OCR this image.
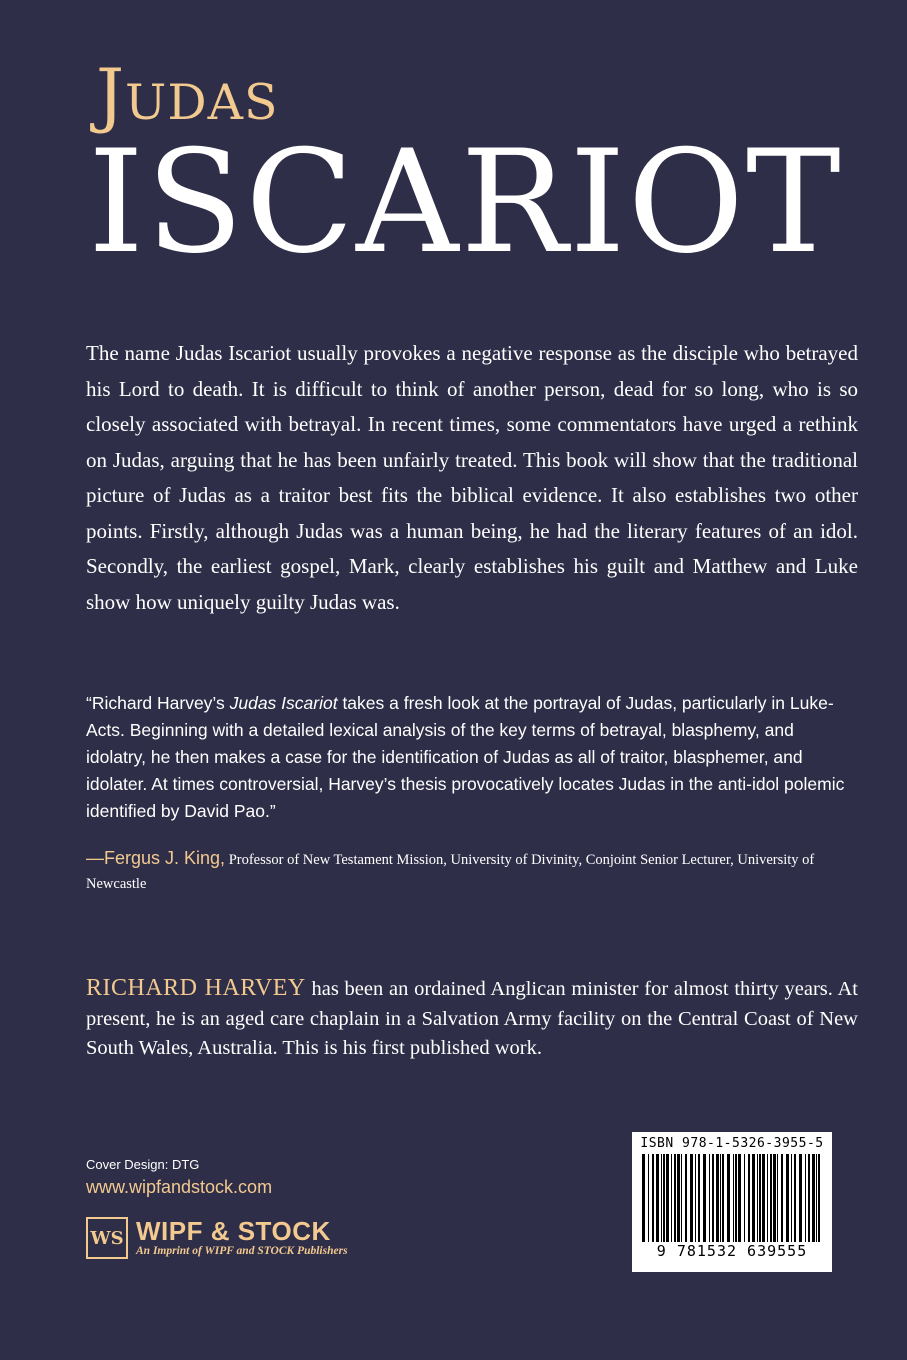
Judas
ISCARIOT

The name Judas Iscariot usually provokes a negative response as the disciple who betrayed his Lord to death. It is difficult to think of another person, dead for so long, who is so closely associated with betrayal. In recent times, some commentators have urged a rethink on Judas, arguing that he has been unfairly treated. This book will show that the traditional picture of Judas as a traitor best fits the biblical evidence. It also establishes two other points. Firstly, although Judas was a human being, he had the literary features of an idol. Secondly, the earliest gospel, Mark, clearly establishes his guilt and Matthew and Luke show how uniquely guilty Judas was.

“Richard Harvey’s Judas Iscariot takes a fresh look at the portrayal of Judas, particularly in Luke-Acts. Beginning with a detailed lexical analysis of the key terms of betrayal, blasphemy, and idolatry, he then makes a case for the identification of Judas as all of traitor, blasphemer, and idolater. At times controversial, Harvey’s thesis provocatively locates Judas in the anti-idol polemic identified by David Pao.”

—Fergus J. King, Professor of New Testament Mission, University of Divinity, Conjoint Senior Lecturer, University of Newcastle

RICHARD HARVEY has been an ordained Anglican minister for almost thirty years. At present, he is an aged care chaplain in a Salvation Army facility on the Central Coast of New South Wales, Australia. This is his first published work.

Cover Design: DTG
www.wipfandstock.com
WS WIPF & STOCK
An Imprint of WIPF and STOCK Publishers
ISBN 978-1-5326-3955-5
9 781532 639555
